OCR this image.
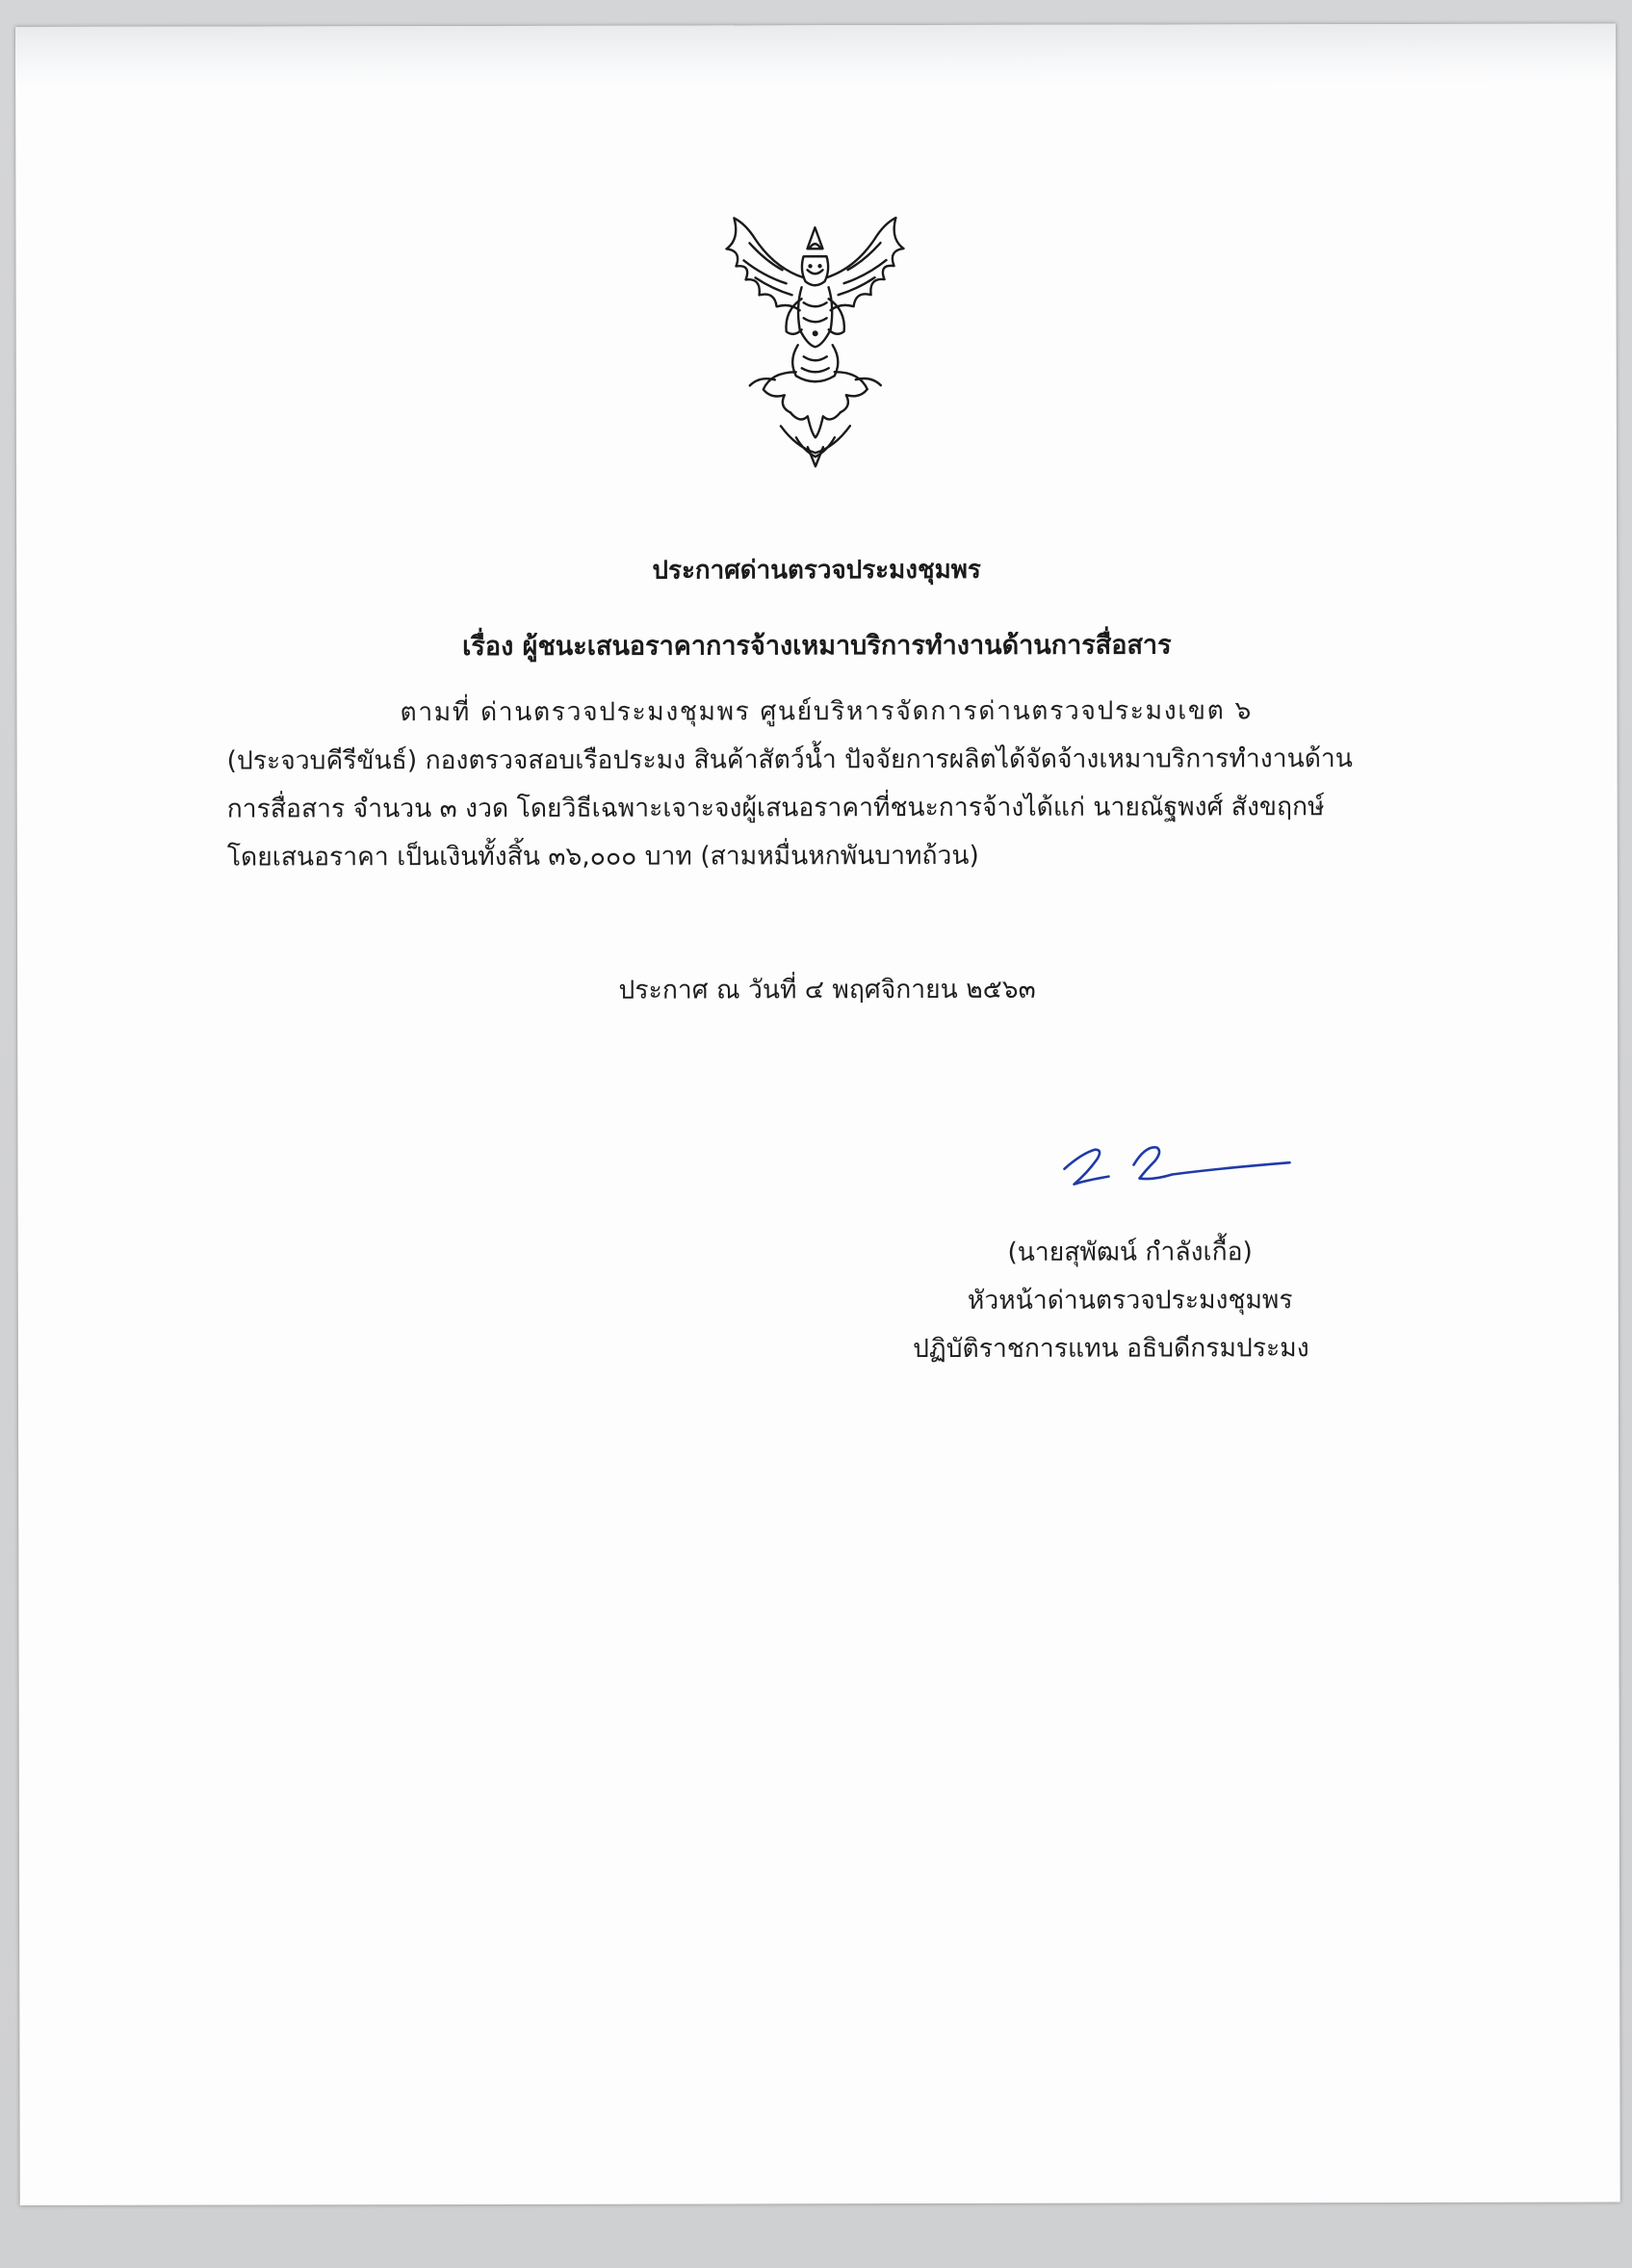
ประกาศด่านตรวจประมงชุมพร
เรื่อง ผู้ชนะเสนอราคาการจ้างเหมาบริการทำงานด้านการสื่อสาร
ตามที่ ด่านตรวจประมงชุมพร ศูนย์บริหารจัดการด่านตรวจประมงเขต ๖
(ประจวบคีรีขันธ์) กองตรวจสอบเรือประมง สินค้าสัตว์น้ำ ปัจจัยการผลิตได้จัดจ้างเหมาบริการทำงานด้าน
การสื่อสาร จำนวน ๓ งวด โดยวิธีเฉพาะเจาะจงผู้เสนอราคาที่ชนะการจ้างได้แก่ นายณัฐพงศ์ สังขฤกษ์
โดยเสนอราคา เป็นเงินทั้งสิ้น ๓๖,๐๐๐ บาท (สามหมื่นหกพันบาทถ้วน)
ประกาศ ณ วันที่ ๔ พฤศจิกายน ๒๕๖๓
(นายสุพัฒน์ กำลังเกื้อ)
หัวหน้าด่านตรวจประมงชุมพร
ปฏิบัติราชการแทน อธิบดีกรมประมง
